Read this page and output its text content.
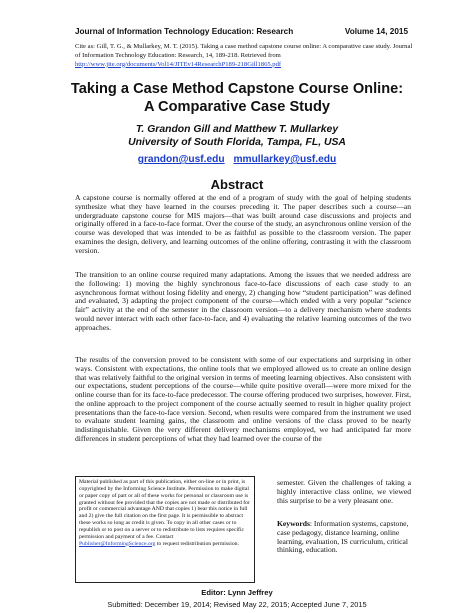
Journal of Information Technology Education: Research	Volume 14, 2015
Cite as: Gill, T. G., & Mullarkey, M. T. (2015). Taking a case method capstone course online: A comparative case study. Journal of Information Technology Education: Research, 14, 189-218. Retrieved from
http://www.jite.org/documents/Vol14/JITEv14ResearchP189-218Gill1865.pdf
Taking a Case Method Capstone Course Online:
A Comparative Case Study
T. Grandon Gill and Matthew T. Mullarkey
University of South Florida, Tampa, FL, USA
grandon@usf.edu mmullarkey@usf.edu
Abstract

A capstone course is normally offered at the end of a program of study with the goal of helping students synthesize what they have learned in the courses preceding it. The paper describes such a course—an undergraduate capstone course for MIS majors—that was built around case discussions and projects and originally offered in a face-to-face format. Over the course of the study, an asynchronous online version of the course was developed that was intended to be as faithful as possible to the classroom version. The paper examines the design, delivery, and learning outcomes of the online offering, contrasting it with the classroom version.

The transition to an online course required many adaptations. Among the issues that we needed address are the following: 1) moving the highly synchronous face-to-face discussions of each case study to an asynchronous format without losing fidelity and energy, 2) changing how “student participation” was defined and evaluated, 3) adapting the project component of the course—which ended with a very popular “science fair” activity at the end of the semester in the classroom version—to a delivery mechanism where students would never interact with each other face-to-face, and 4) evaluating the relative learning outcomes of the two approaches.

The results of the conversion proved to be consistent with some of our expectations and surprising in other ways. Consistent with expectations, the online tools that we employed allowed us to create an online design that was relatively faithful to the original version in terms of meeting learning objectives. Also consistent with our expectations, student perceptions of the course—while quite positive overall—were more mixed for the online course than for its face-to-face predecessor. The course offering produced two surprises, however. First, the online approach to the project component of the course actually seemed to result in higher quality project presentations than the face-to-face version. Second, when results were compared from the instrument we used to evaluate student learning gains, the classroom and online versions of the class proved to be nearly indistinguishable. Given the very different delivery mechanisms employed, we had anticipated far more differences in student perceptions of what they had learned over the course of the

Material published as part of this publication, either on-line or in print, is copyrighted by the Informing Science Institute. Permission to make digital or paper copy of part or all of these works for personal or classroom use is granted without fee provided that the copies are not made or distributed for profit or commercial advantage AND that copies 1) bear this notice in full and 2) give the full citation on the first page. It is permissible to abstract these works so long as credit is given. To copy in all other cases or to republish or to post on a server or to redistribute to lists requires specific permission and payment of a fee. Contact Publisher@InformingScience.org to request redistribution permission.

semester. Given the challenges of taking a highly interactive class online, we viewed this surprise to be a very pleasant one.

Keywords: Information systems, capstone, case pedagogy, distance learning, online learning, evaluation, IS curriculum, critical thinking, education.

Editor: Lynn Jeffrey
Submitted: December 19, 2014; Revised May 22, 2015; Accepted June 7, 2015
